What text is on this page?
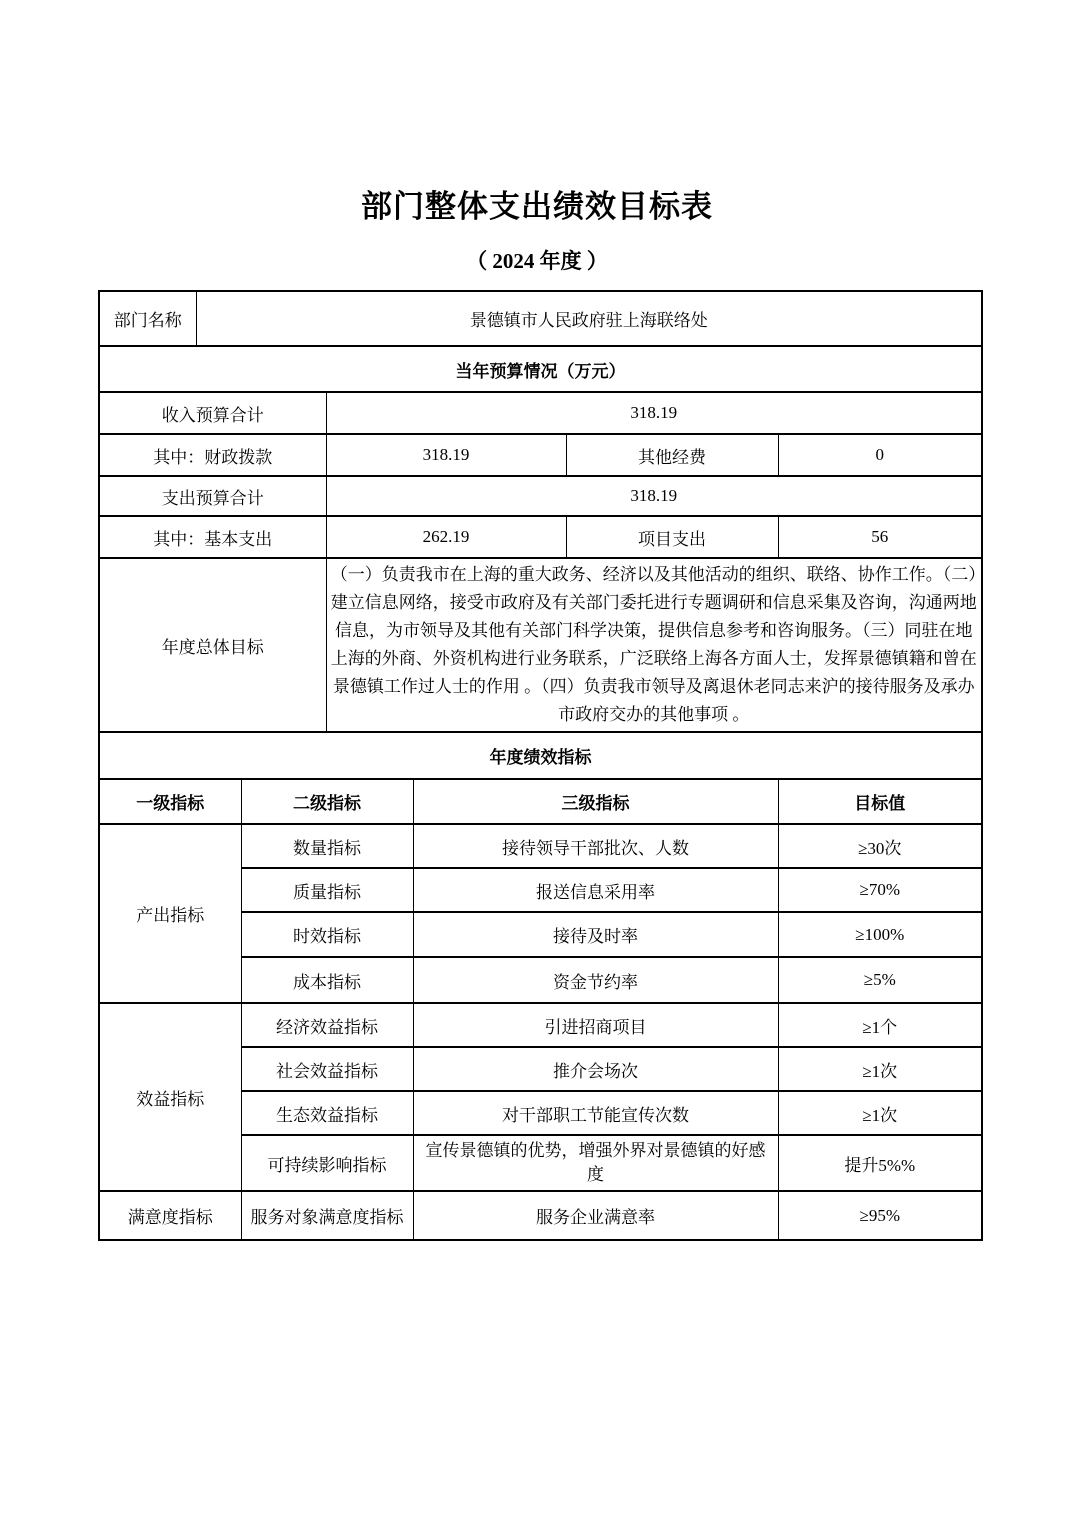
部门整体支出绩效目标表
（ 2024 年度 ）
部门名称	景德镇市人民政府驻上海联络处					
当年预算情况（万元）						
收入预算合计			318.19			
其中：财政拨款			318.19		其他经费	0
支出预算合计			318.19			
其中：基本支出			262.19		项目支出	56
年度总体目标			（一）负责我市在上海的重大政务、经济以及其他活动的组织、联络、协作工作。（二）建立信息网络，接受市政府及有关部门委托进行专题调研和信息采集及咨询，沟通两地信息，为市领导及其他有关部门科学决策，提供信息参考和咨询服务。（三）同驻在地上海的外商、外资机构进行业务联系，广泛联络上海各方面人士，发挥景德镇籍和曾在景德镇工作过人士的作用 。（四）负责我市领导及离退休老同志来沪的接待服务及承办市政府交办的其他事项 。			
年度绩效指标						
一级指标		二级指标		三级指标		目标值
产出指标		数量指标		接待领导干部批次、人数		≥30次
		质量指标		报送信息采用率		≥70%
		时效指标		接待及时率		≥100%
		成本指标		资金节约率		≥5%
效益指标		经济效益指标		引进招商项目		≥1个
		社会效益指标		推介会场次		≥1次
		生态效益指标		对干部职工节能宣传次数		≥1次
		可持续影响指标		宣传景德镇的优势，增强外界对景德镇的好感度		提升5%%
满意度指标		服务对象满意度指标		服务企业满意率		≥95%
